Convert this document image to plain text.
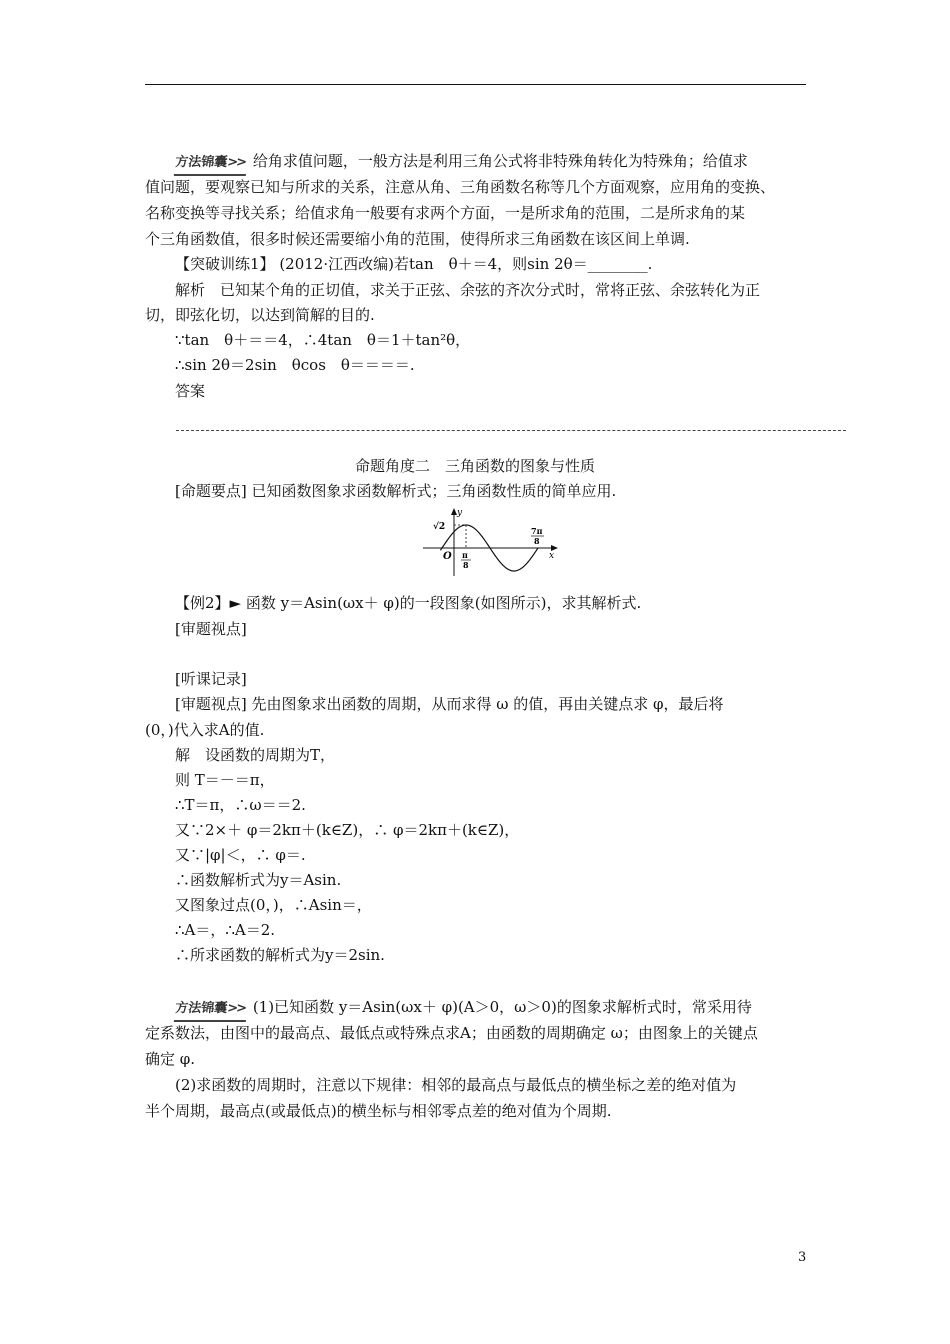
方法锦囊>> 给角求值问题，一般方法是利用三角公式将非特殊角转化为特殊角；给值求
值问题，要观察已知与所求的关系，注意从角、三角函数名称等几个方面观察，应用角的变换、
名称变换等寻找关系；给值求角一般要有求两个方面，一是所求角的范围，二是所求角的某
个三角函数值，很多时候还需要缩小角的范围，使得所求三角函数在该区间上单调.
【突破训练1】 (2012·江西改编)若tan　θ＋＝4，则sin 2θ＝________.
解析　已知某个角的正切值，求关于正弦、余弦的齐次分式时，常将正弦、余弦转化为正
切，即弦化切，以达到简解的目的.
∵tan　θ＋＝＝4，∴4tan　θ＝1＋tan²θ，
∴sin 2θ＝2sin　θcos　θ＝＝＝＝.
答案
命题角度二　三角函数的图象与性质
[命题要点] 已知函数图象求函数解析式；三角函数性质的简单应用.
y
x
O
√2
π
8
7π
8
【例2】► 函数 y＝Asin(ωx＋ φ)的一段图象(如图所示)，求其解析式.
[审题视点]
[听课记录]
[审题视点] 先由图象求出函数的周期，从而求得 ω 的值，再由关键点求 φ，最后将
(0，)代入求A的值.
解　设函数的周期为T，
则 T＝－＝π，
∴T＝π，∴ω＝＝2.
又∵2×＋ φ＝2kπ＋(k∈Z)，∴ φ＝2kπ＋(k∈Z)，
又∵|φ|＜，∴ φ＝.
∴函数解析式为y＝Asin.
又图象过点(0，)，∴Asin＝，
∴A＝，∴A＝2.
∴所求函数的解析式为y＝2sin.
方法锦囊>> (1)已知函数 y＝Asin(ωx＋ φ)(A＞0，ω＞0)的图象求解析式时，常采用待
定系数法，由图中的最高点、最低点或特殊点求A；由函数的周期确定 ω；由图象上的关键点
确定 φ.
(2)求函数的周期时，注意以下规律：相邻的最高点与最低点的横坐标之差的绝对值为
半个周期，最高点(或最低点)的横坐标与相邻零点差的绝对值为个周期.
3
